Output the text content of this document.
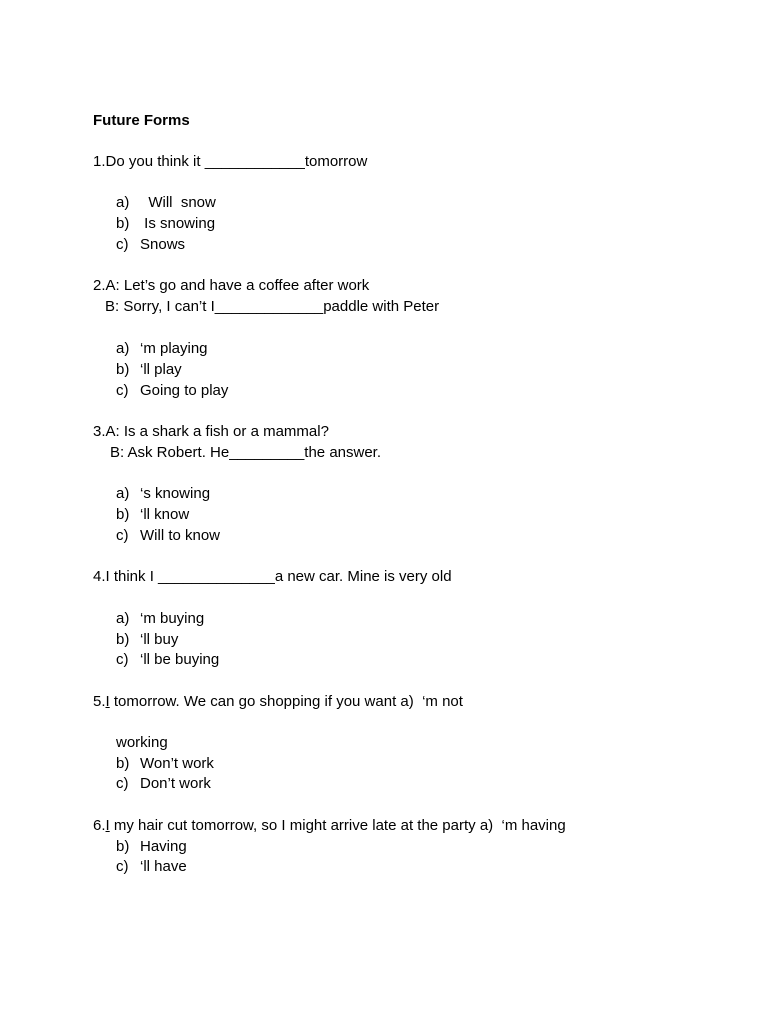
Future Forms
1.Do you think it ____________tomorrow
a) Will  snow
b) Is snowing
c) Snows
2.A: Let’s go and have a coffee after work
B: Sorry, I can’t I_____________paddle with Peter
a) ‘m playing
b) ‘ll play
c) Going to play
3.A: Is a shark a fish or a mammal?
B: Ask Robert. He_________the answer.
a) ‘s knowing
b) ‘ll know
c) Will to know
4.I think I ______________a new car. Mine is very old
a) ‘m buying
b) ‘ll buy
c) ‘ll be buying
5.I tomorrow. We can go shopping if you want a)  ‘m not
working
b) Won’t work
c) Don’t work
6.I my hair cut tomorrow, so I might arrive late at the party a)  ‘m having
b) Having
c) ‘ll have
